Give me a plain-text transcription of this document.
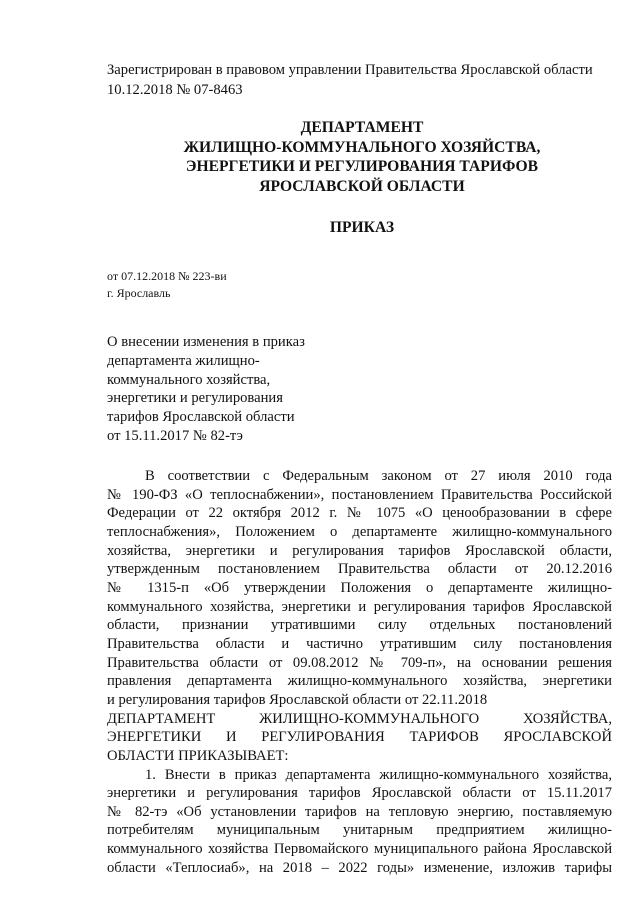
Зарегистрирован в правовом управлении Правительства Ярославской области
10.12.2018 № 07-8463
ДЕПАРТАМЕНТ
ЖИЛИЩНО-КОММУНАЛЬНОГО ХОЗЯЙСТВА,
ЭНЕРГЕТИКИ И РЕГУЛИРОВАНИЯ ТАРИФОВ
ЯРОСЛАВСКОЙ ОБЛАСТИ
ПРИКАЗ
от 07.12.2018 № 223-ви
г. Ярославль
О внесении изменения в приказ
департамента жилищно-
коммунального хозяйства,
энергетики и регулирования
тарифов Ярославской области
от 15.11.2017 № 82-тэ
В соответствии с Федеральным законом от 27 июля 2010 года
№ 190-ФЗ «О теплоснабжении», постановлением Правительства Российской
Федерации от 22 октября 2012 г. № 1075 «О ценообразовании в сфере
теплоснабжения», Положением о департаменте жилищно-коммунального
хозяйства, энергетики и регулирования тарифов Ярославской области,
утвержденным постановлением Правительства области от 20.12.2016
№ 1315-п «Об утверждении Положения о департаменте жилищно-
коммунального хозяйства, энергетики и регулирования тарифов Ярославской
области, признании утратившими силу отдельных постановлений
Правительства области и частично утратившим силу постановления
Правительства области от 09.08.2012 № 709-п», на основании решения
правления департамента жилищно-коммунального хозяйства, энергетики
и регулирования тарифов Ярославской области от 22.11.2018
ДЕПАРТАМЕНТ ЖИЛИЩНО-КОММУНАЛЬНОГО ХОЗЯЙСТВА,
ЭНЕРГЕТИКИ И РЕГУЛИРОВАНИЯ ТАРИФОВ ЯРОСЛАВСКОЙ
ОБЛАСТИ ПРИКАЗЫВАЕТ:
1. Внести в приказ департамента жилищно-коммунального хозяйства,
энергетики и регулирования тарифов Ярославской области от 15.11.2017
№ 82-тэ «Об установлении тарифов на тепловую энергию, поставляемую
потребителям муниципальным унитарным предприятием жилищно-
коммунального хозяйства Первомайского муниципального района Ярославской
области «Теплосиаб», на 2018 – 2022 годы» изменение, изложив тарифы
